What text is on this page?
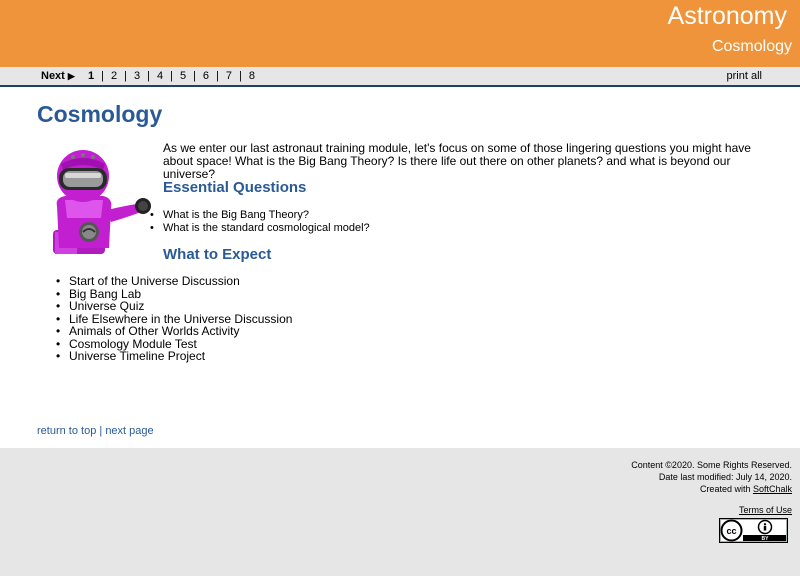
Astronomy
Cosmology
Next ▶ 1 | 2 | 3 | 4 | 5 | 6 | 7 | 8	print all
Cosmology

As we enter our last astronaut training module, let's focus on some of those lingering questions you might have about space! What is the Big Bang Theory? Is there life out there on other planets? and what is beyond our universe?

Essential Questions
• What is the Big Bang Theory?
• What is the standard cosmological model?
What to Expect
• Start of the Universe Discussion
• Big Bang Lab
• Universe Quiz
• Life Elsewhere in the Universe Discussion
• Animals of Other Worlds Activity
• Cosmology Module Test
• Universe Timeline Project
return to top | next page
Content ©2020. Some Rights Reserved.
Date last modified: July 14, 2020.
Created with SoftChalk
Terms of Use
cc
BY
